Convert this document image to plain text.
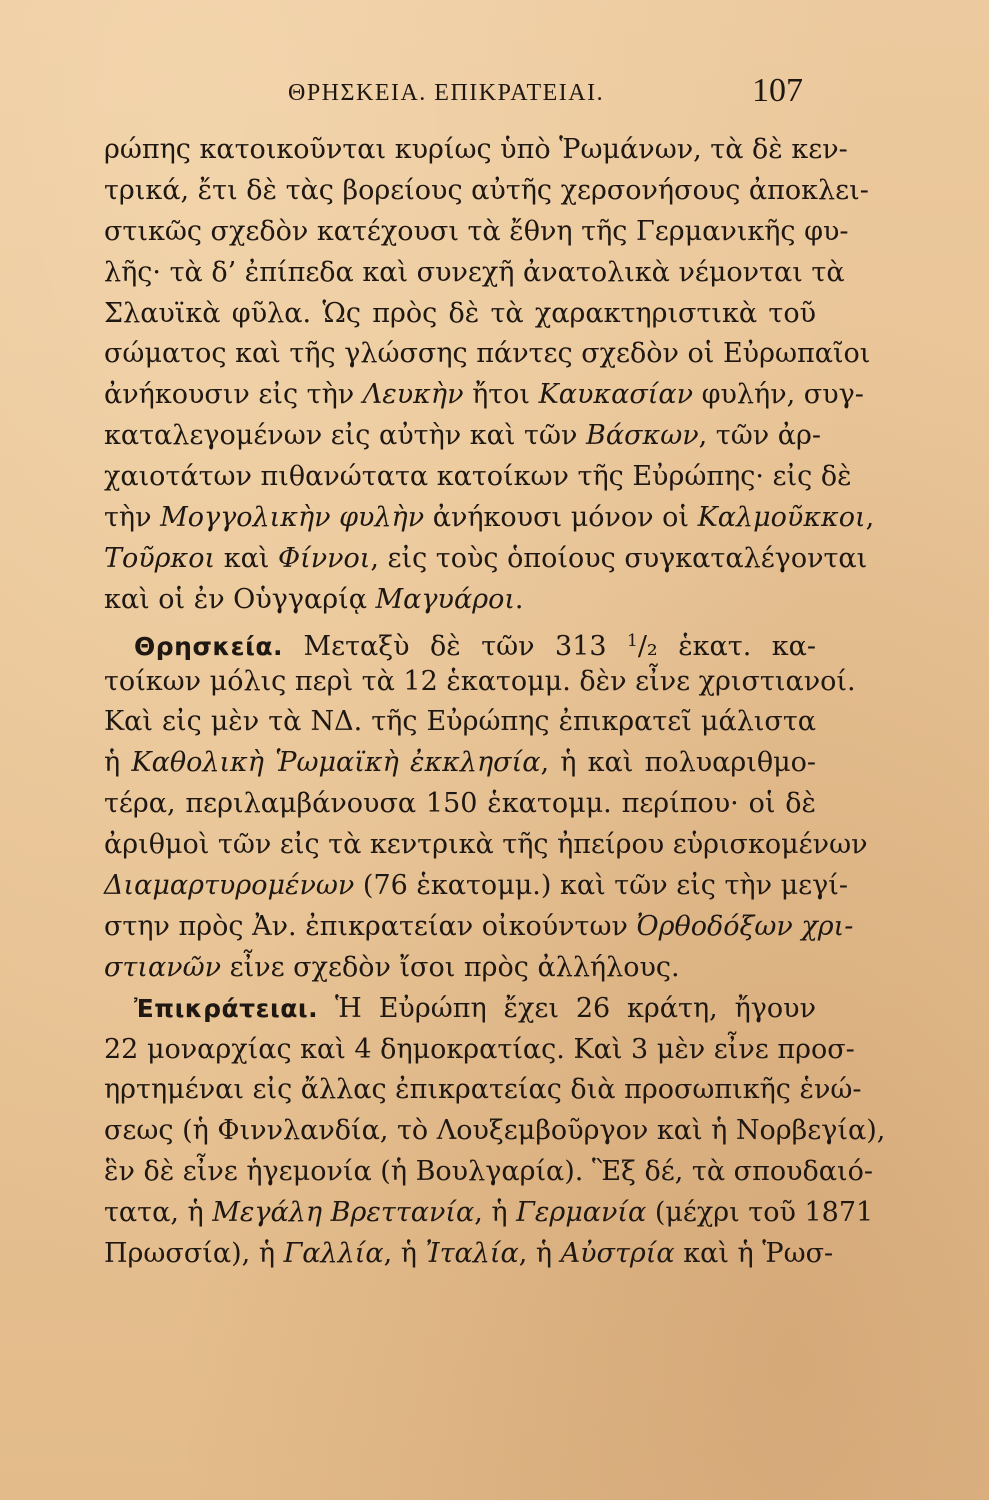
ΘΡΗΣΚΕΙΑ. ΕΠΙΚΡΑΤΕΙΑΙ.	107
ρώπης κατοικοῦνται κυρίως ὑπὸ Ῥωμάνων, τὰ δὲ κεν-
τρικά, ἔτι δὲ τὰς βορείους αὐτῆς χερσονήσους ἀποκλει-
στικῶς σχεδὸν κατέχουσι τὰ ἔθνη τῆς Γερμανικῆς φυ-
λῆς· τὰ δ’ ἐπίπεδα καὶ συνεχῆ ἀνατολικὰ νέμονται τὰ
Σλαυϊκὰ φῦλα. Ὡς πρὸς δὲ τὰ χαρακτηριστικὰ τοῦ
σώματος καὶ τῆς γλώσσης πάντες σχεδὸν οἱ Εὐρωπαῖοι
ἀνήκουσιν εἰς τὴν Λευκὴν ἤτοι Καυκασίαν φυλήν, συγ-
καταλεγομένων εἰς αὐτὴν καὶ τῶν Βάσκων, τῶν ἀρ-
χαιοτάτων πιθανώτατα κατοίκων τῆς Εὐρώπης· εἰς δὲ
τὴν Μογγολικὴν φυλὴν ἀνήκουσι μόνον οἱ Καλμοῦκκοι,
Τοῦρκοι καὶ Φίννοι, εἰς τοὺς ὁποίους συγκαταλέγονται
καὶ οἱ ἐν Οὑγγαρίᾳ Μαγυάροι.
Θρησκεία. Μεταξὺ δὲ τῶν 313 $^1$/₂ ἑκατ. κα-
τοίκων μόλις περὶ τὰ 12 ἑκατομμ. δὲν εἶνε χριστιανοί.
Καὶ εἰς μὲν τὰ ΝΔ. τῆς Εὐρώπης ἐπικρατεῖ μάλιστα
ἡ Καθολικὴ Ῥωμαϊκὴ ἐκκλησία, ἡ καὶ πολυαριθμο-
τέρα, περιλαμβάνουσα 150 ἑκατομμ. περίπου· οἱ δὲ
ἀριθμοὶ τῶν εἰς τὰ κεντρικὰ τῆς ἠπείρου εὑρισκομένων
Διαμαρτυρομένων (76 ἑκατομμ.) καὶ τῶν εἰς τὴν μεγί-
στην πρὸς Ἀν. ἐπικρατείαν οἰκούντων Ὀρθοδόξων χρι-
στιανῶν εἶνε σχεδὸν ἴσοι πρὸς ἀλλήλους.
Ἐπικράτειαι. Ἡ Εὐρώπη ἔχει 26 κράτη, ἤγουν
22 μοναρχίας καὶ 4 δημοκρατίας. Καὶ 3 μὲν εἶνε προσ-
ηρτημέναι εἰς ἄλλας ἐπικρατείας διὰ προσωπικῆς ἑνώ-
σεως (ἡ Φιννλανδία, τὸ Λουξεμβοῦργον καὶ ἡ Νορβεγία),
ἓν δὲ εἶνε ἡγεμονία (ἡ Βουλγαρία). Ἓξ δέ, τὰ σπουδαιό-
τατα, ἡ Μεγάλη Βρεττανία, ἡ Γερμανία (μέχρι τοῦ 1871
Πρωσσία), ἡ Γαλλία, ἡ Ἰταλία, ἡ Αὐστρία καὶ ἡ Ῥωσ-
